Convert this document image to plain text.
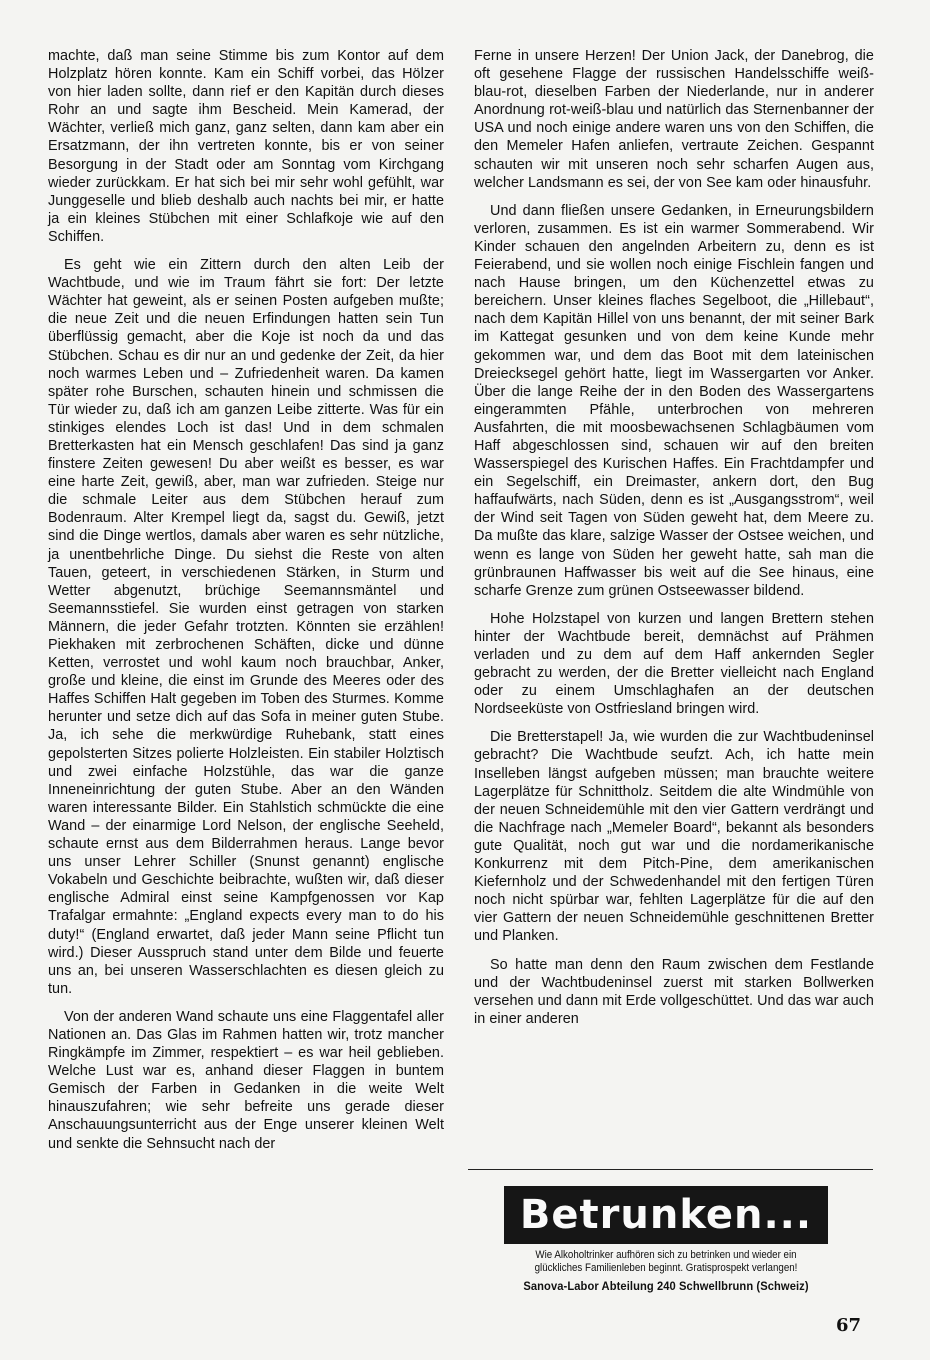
machte, daß man seine Stimme bis zum Kontor auf dem Holzplatz hören konnte. Kam ein Schiff vorbei, das Hölzer von hier laden sollte, dann rief er den Kapitän durch dieses Rohr an und sagte ihm Bescheid. Mein Kamerad, der Wächter, verließ mich ganz, ganz selten, dann kam aber ein Ersatzmann, der ihn vertreten konnte, bis er von seiner Besorgung in der Stadt oder am Sonntag vom Kirchgang wieder zurückkam. Er hat sich bei mir sehr wohl gefühlt, war Junggeselle und blieb deshalb auch nachts bei mir, er hatte ja ein kleines Stübchen mit einer Schlafkoje wie auf den Schiffen.

Es geht wie ein Zittern durch den alten Leib der Wachtbude, und wie im Traum fährt sie fort: Der letzte Wächter hat geweint, als er seinen Posten aufgeben mußte; die neue Zeit und die neuen Erfindungen hatten sein Tun überflüssig gemacht, aber die Koje ist noch da und das Stübchen. Schau es dir nur an und gedenke der Zeit, da hier noch warmes Leben und – Zufriedenheit waren. Da kamen später rohe Burschen, schauten hinein und schmissen die Tür wieder zu, daß ich am ganzen Leibe zitterte. Was für ein stinkiges elendes Loch ist das! Und in dem schmalen Bretterkasten hat ein Mensch geschlafen! Das sind ja ganz finstere Zeiten gewesen! Du aber weißt es besser, es war eine harte Zeit, gewiß, aber, man war zufrieden. Steige nur die schmale Leiter aus dem Stübchen herauf zum Bodenraum. Alter Krempel liegt da, sagst du. Gewiß, jetzt sind die Dinge wertlos, damals aber waren es sehr nützliche, ja unentbehrliche Dinge. Du siehst die Reste von alten Tauen, geteert, in verschiedenen Stärken, in Sturm und Wetter abgenutzt, brüchige Seemannsmäntel und Seemannsstiefel. Sie wurden einst getragen von starken Männern, die jeder Gefahr trotzten. Könnten sie erzählen! Piekhaken mit zerbrochenen Schäften, dicke und dünne Ketten, verrostet und wohl kaum noch brauchbar, Anker, große und kleine, die einst im Grunde des Meeres oder des Haffes Schiffen Halt gegeben im Toben des Sturmes. Komme herunter und setze dich auf das Sofa in meiner guten Stube. Ja, ich sehe die merkwürdige Ruhebank, statt eines gepolsterten Sitzes polierte Holzleisten. Ein stabiler Holztisch und zwei einfache Holzstühle, das war die ganze Inneneinrichtung der guten Stube. Aber an den Wänden waren interessante Bilder. Ein Stahlstich schmückte die eine Wand – der einarmige Lord Nelson, der englische Seeheld, schaute ernst aus dem Bilderrahmen heraus. Lange bevor uns unser Lehrer Schiller (Snunst genannt) englische Vokabeln und Geschichte beibrachte, wußten wir, daß dieser englische Admiral einst seine Kampfgenossen vor Kap Trafalgar ermahnte: „England expects every man to do his duty!“ (England erwartet, daß jeder Mann seine Pflicht tun wird.) Dieser Ausspruch stand unter dem Bilde und feuerte uns an, bei unseren Wasserschlachten es diesen gleich zu tun.

Von der anderen Wand schaute uns eine Flaggentafel aller Nationen an. Das Glas im Rahmen hatten wir, trotz mancher Ringkämpfe im Zimmer, respektiert – es war heil geblieben. Welche Lust war es, anhand dieser Flaggen in buntem Gemisch der Farben in Gedanken in die weite Welt hinauszufahren; wie sehr befreite uns gerade dieser Anschauungsunterricht aus der Enge unserer kleinen Welt und senkte die Sehnsucht nach der

Ferne in unsere Herzen! Der Union Jack, der Danebrog, die oft gesehene Flagge der russischen Handelsschiffe weiß-blau-rot, dieselben Farben der Niederlande, nur in anderer Anordnung rot-weiß-blau und natürlich das Sternenbanner der USA und noch einige andere waren uns von den Schiffen, die den Memeler Hafen anliefen, vertraute Zeichen. Gespannt schauten wir mit unseren noch sehr scharfen Augen aus, welcher Landsmann es sei, der von See kam oder hinausfuhr.

Und dann fließen unsere Gedanken, in Erneurungsbildern verloren, zusammen. Es ist ein warmer Sommerabend. Wir Kinder schauen den angelnden Arbeitern zu, denn es ist Feierabend, und sie wollen noch einige Fischlein fangen und nach Hause bringen, um den Küchenzettel etwas zu bereichern. Unser kleines flaches Segelboot, die „Hillebaut“, nach dem Kapitän Hillel von uns benannt, der mit seiner Bark im Kattegat gesunken und von dem keine Kunde mehr gekommen war, und dem das Boot mit dem lateinischen Dreiecksegel gehört hatte, liegt im Wassergarten vor Anker. Über die lange Reihe der in den Boden des Wassergartens eingerammten Pfähle, unterbrochen von mehreren Ausfahrten, die mit moosbewachsenen Schlagbäumen vom Haff abgeschlossen sind, schauen wir auf den breiten Wasserspiegel des Kurischen Haffes. Ein Frachtdampfer und ein Segelschiff, ein Dreimaster, ankern dort, den Bug haffaufwärts, nach Süden, denn es ist „Ausgangsstrom“, weil der Wind seit Tagen von Süden geweht hat, dem Meere zu. Da mußte das klare, salzige Wasser der Ostsee weichen, und wenn es lange von Süden her geweht hatte, sah man die grünbraunen Haffwasser bis weit auf die See hinaus, eine scharfe Grenze zum grünen Ostseewasser bildend.

Hohe Holzstapel von kurzen und langen Brettern stehen hinter der Wachtbude bereit, demnächst auf Prähmen verladen und zu dem auf dem Haff ankernden Segler gebracht zu werden, der die Bretter vielleicht nach England oder zu einem Umschlaghafen an der deutschen Nordseeküste von Ostfriesland bringen wird.

Die Bretterstapel! Ja, wie wurden die zur Wachtbudeninsel gebracht? Die Wachtbude seufzt. Ach, ich hatte mein Inselleben längst aufgeben müssen; man brauchte weitere Lagerplätze für Schnittholz. Seitdem die alte Windmühle von der neuen Schneidemühle mit den vier Gattern verdrängt und die Nachfrage nach „Memeler Board“, bekannt als besonders gute Qualität, noch gut war und die nordamerikanische Konkurrenz mit dem Pitch-Pine, dem amerikanischen Kiefernholz und der Schwedenhandel mit den fertigen Türen noch nicht spürbar war, fehlten Lagerplätze für die auf den vier Gattern der neuen Schneidemühle geschnittenen Bretter und Planken.

So hatte man denn den Raum zwischen dem Festlande und der Wachtbudeninsel zuerst mit starken Bollwerken versehen und dann mit Erde vollgeschüttet. Und das war auch in einer anderen

Betrunken...
Wie Alkoholtrinker aufhören sich zu betrinken und wieder ein glückliches Familienleben beginnt. Gratisprospekt verlangen!
Sanova-Labor Abteilung 240 Schwellbrunn (Schweiz)
67
